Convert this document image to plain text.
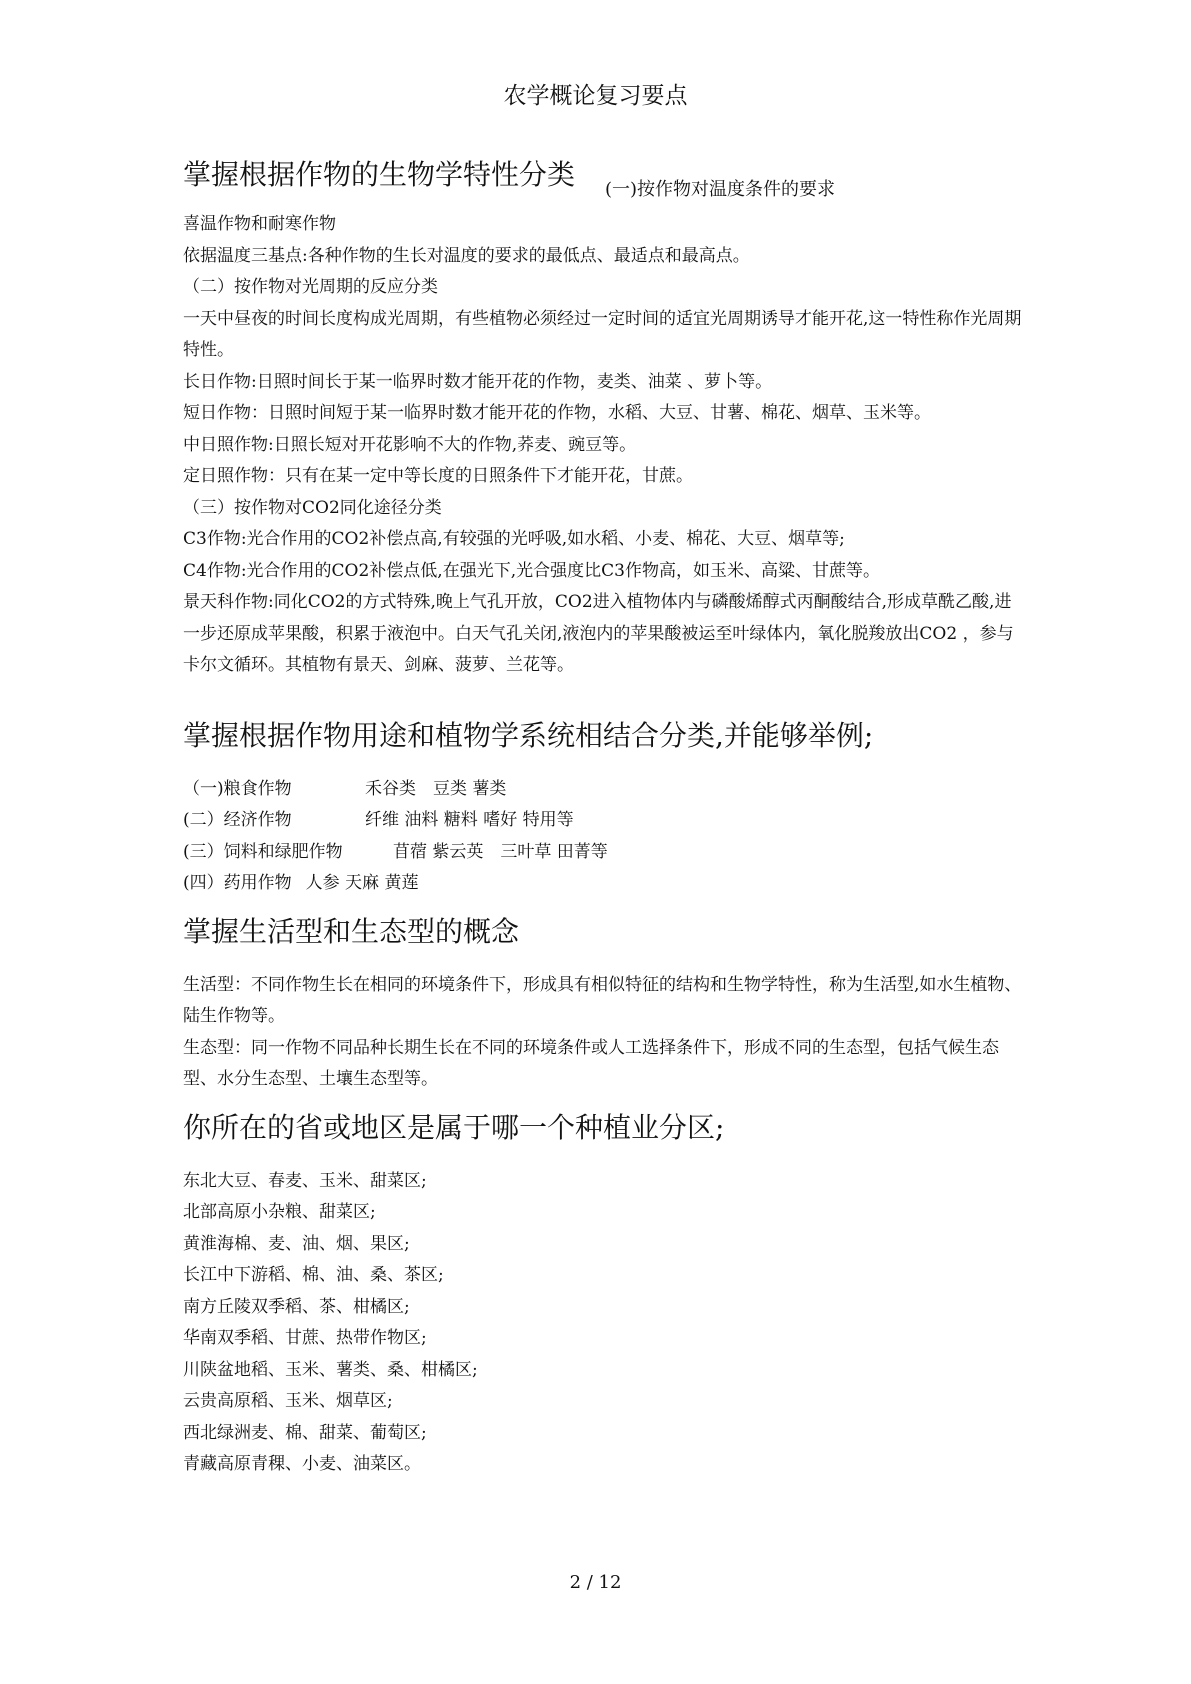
农学概论复习要点
掌握根据作物的生物学特性分类 (一)按作物对温度条件的要求

喜温作物和耐寒作物

依据温度三基点:各种作物的生长对温度的要求的最低点、最适点和最高点。

（二）按作物对光周期的反应分类

一天中昼夜的时间长度构成光周期，有些植物必须经过一定时间的适宜光周期诱导才能开花,这一特性称作光周期特性。

长日作物:日照时间长于某一临界时数才能开花的作物，麦类、油菜 、萝卜等。

短日作物：日照时间短于某一临界时数才能开花的作物，水稻、大豆、甘薯、棉花、烟草、玉米等。

中日照作物:日照长短对开花影响不大的作物,荞麦、豌豆等。

定日照作物：只有在某一定中等长度的日照条件下才能开花，甘蔗。

（三）按作物对CO2同化途径分类

C3作物:光合作用的CO2补偿点高,有较强的光呼吸,如水稻、小麦、棉花、大豆、烟草等;

C4作物:光合作用的CO2补偿点低,在强光下,光合强度比C3作物高，如玉米、高粱、甘蔗等。

景天科作物:同化CO2的方式特殊,晚上气孔开放，CO2进入植物体内与磷酸烯醇式丙酮酸结合,形成草酰乙酸,进一步还原成苹果酸，积累于液泡中。白天气孔关闭,液泡内的苹果酸被运至叶绿体内，氧化脱羧放出CO2 ，参与卡尔文循环。其植物有景天、剑麻、菠萝、兰花等。

掌握根据作物用途和植物学系统相结合分类,并能够举例;
（一)粮食作物	禾谷类　豆类 薯类
(二）经济作物	纤维 油料 糖料 嗜好 特用等
(三）饲料和绿肥作物	苜蓿 紫云英　三叶草 田菁等
(四）药用作物 人参 天麻 黄莲
掌握生活型和生态型的概念

生活型：不同作物生长在相同的环境条件下，形成具有相似特征的结构和生物学特性，称为生活型,如水生植物、陆生作物等。

生态型：同一作物不同品种长期生长在不同的环境条件或人工选择条件下，形成不同的生态型，包括气候生态型、水分生态型、土壤生态型等。

你所在的省或地区是属于哪一个种植业分区;

东北大豆、春麦、玉米、甜菜区;

北部高原小杂粮、甜菜区;

黄淮海棉、麦、油、烟、果区;

长江中下游稻、棉、油、桑、茶区;

南方丘陵双季稻、茶、柑橘区;

华南双季稻、甘蔗、热带作物区;

川陕盆地稻、玉米、薯类、桑、柑橘区;

云贵高原稻、玉米、烟草区;

西北绿洲麦、棉、甜菜、葡萄区;

青藏高原青稞、小麦、油菜区。

2 / 12
